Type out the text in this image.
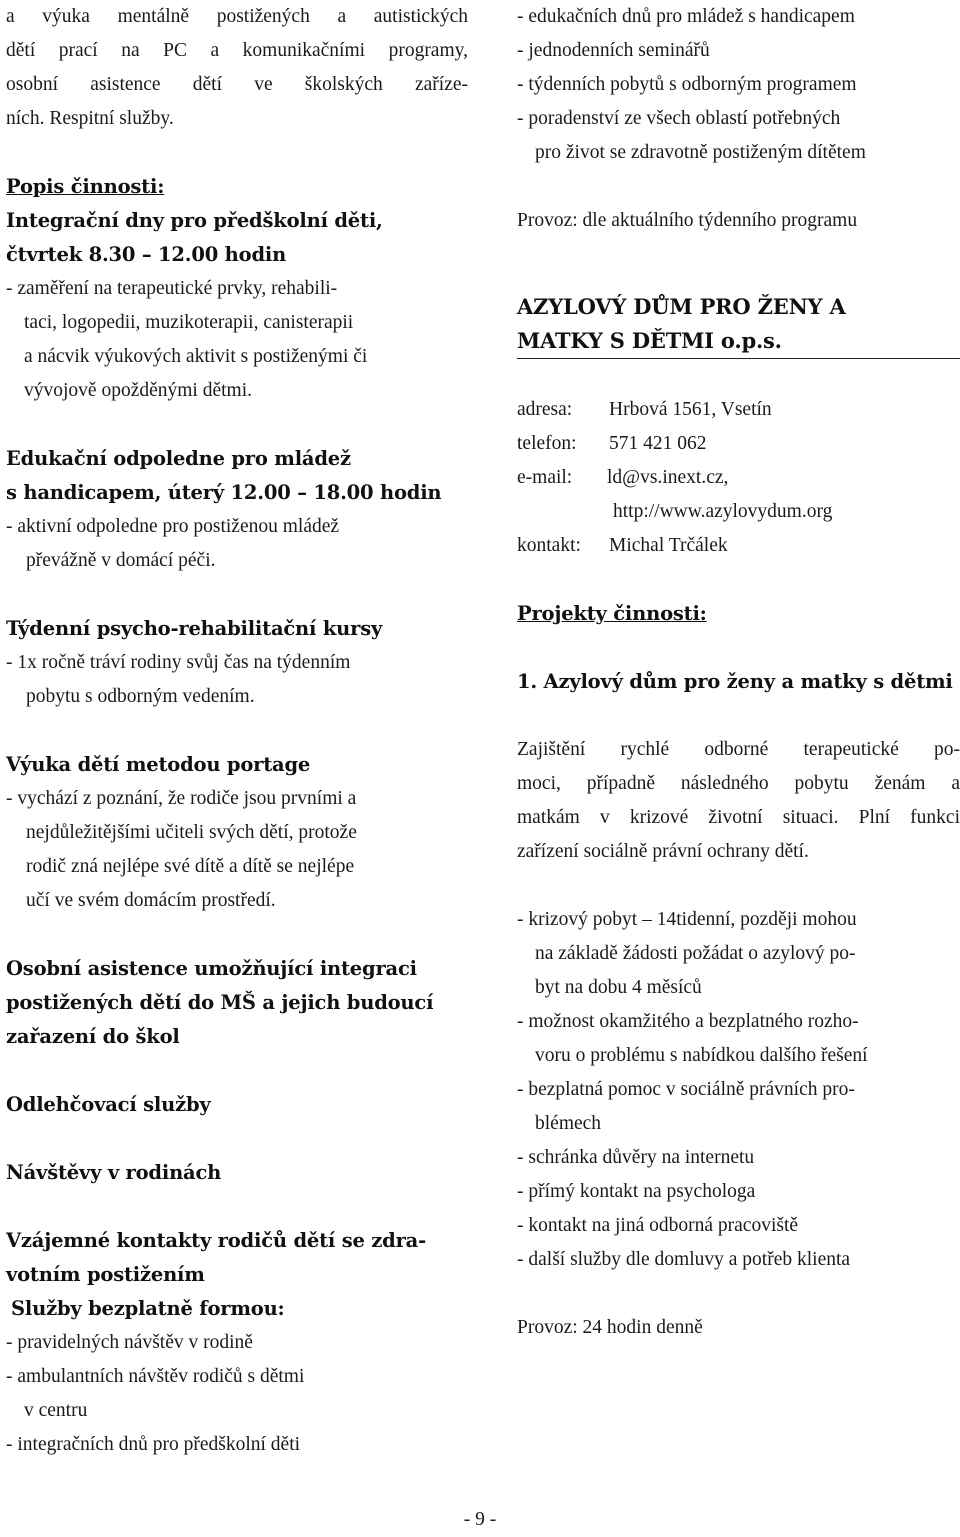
a výuka mentálně postižených a autistických

dětí prací na PC a komunikačními programy,

osobní asistence dětí ve školských zaříze-

ních. Respitní služby.

Popis činnosti:

Integrační dny pro předškolní děti,

čtvrtek 8.30 – 12.00 hodin

- zaměření na terapeutické prvky, rehabili-

taci, logopedii, muzikoterapii, canisterapii

a nácvik výukových aktivit s postiženými či

vývojově opožděnými dětmi.

Edukační odpoledne pro mládež

s handicapem, úterý 12.00 – 18.00 hodin

- aktivní odpoledne pro postiženou mládež

převážně v domácí péči.

Týdenní psycho-rehabilitační kursy

- 1x ročně tráví rodiny svůj čas na týdenním

pobytu s odborným vedením.

Výuka dětí metodou portage

- vychází z poznání, že rodiče jsou prvními a

nejdůležitějšími učiteli svých dětí, protože

rodič zná nejlépe své dítě a dítě se nejlépe

učí ve svém domácím prostředí.

Osobní asistence umožňující integraci

postižených dětí do MŠ a jejich budoucí

zařazení do škol

Odlehčovací služby

Návštěvy v rodinách

Vzájemné kontakty rodičů dětí se zdra-

votním postižením

Služby bezplatně formou:

- pravidelných návštěv v rodině

- ambulantních návštěv rodičů s dětmi

v centru

- integračních dnů pro předškolní děti

- edukačních dnů pro mládež s handicapem

- jednodenních seminářů

- týdenních pobytů s odborným programem

- poradenství ze všech oblastí potřebných

pro život se zdravotně postiženým dítětem

Provoz: dle aktuálního týdenního programu

AZYLOVÝ DŮM PRO ŽENY A

MATKY S DĚTMI o.p.s.

adresa:	Hrbová 1561, Vsetín
telefon:	571 421 062
e-mail:	ld@vs.inext.cz,
http://www.azylovydum.org
kontakt:	Michal Trčálek

Projekty činnosti:

1. Azylový dům pro ženy a matky s dětmi

Zajištění rychlé odborné terapeutické po-

moci, případně následného pobytu ženám a

matkám v krizové životní situaci. Plní funkci

zařízení sociálně právní ochrany dětí.

- krizový pobyt – 14tidenní, později mohou

na základě žádosti požádat o azylový po-

byt na dobu 4 měsíců

- možnost okamžitého a bezplatného rozho-

voru o problému s nabídkou dalšího řešení

- bezplatná pomoc v sociálně právních pro-

blémech

- schránka důvěry na internetu

- přímý kontakt na psychologa

- kontakt na jiná odborná pracoviště

- další služby dle domluvy a potřeb klienta

Provoz: 24 hodin denně

- 9 -
